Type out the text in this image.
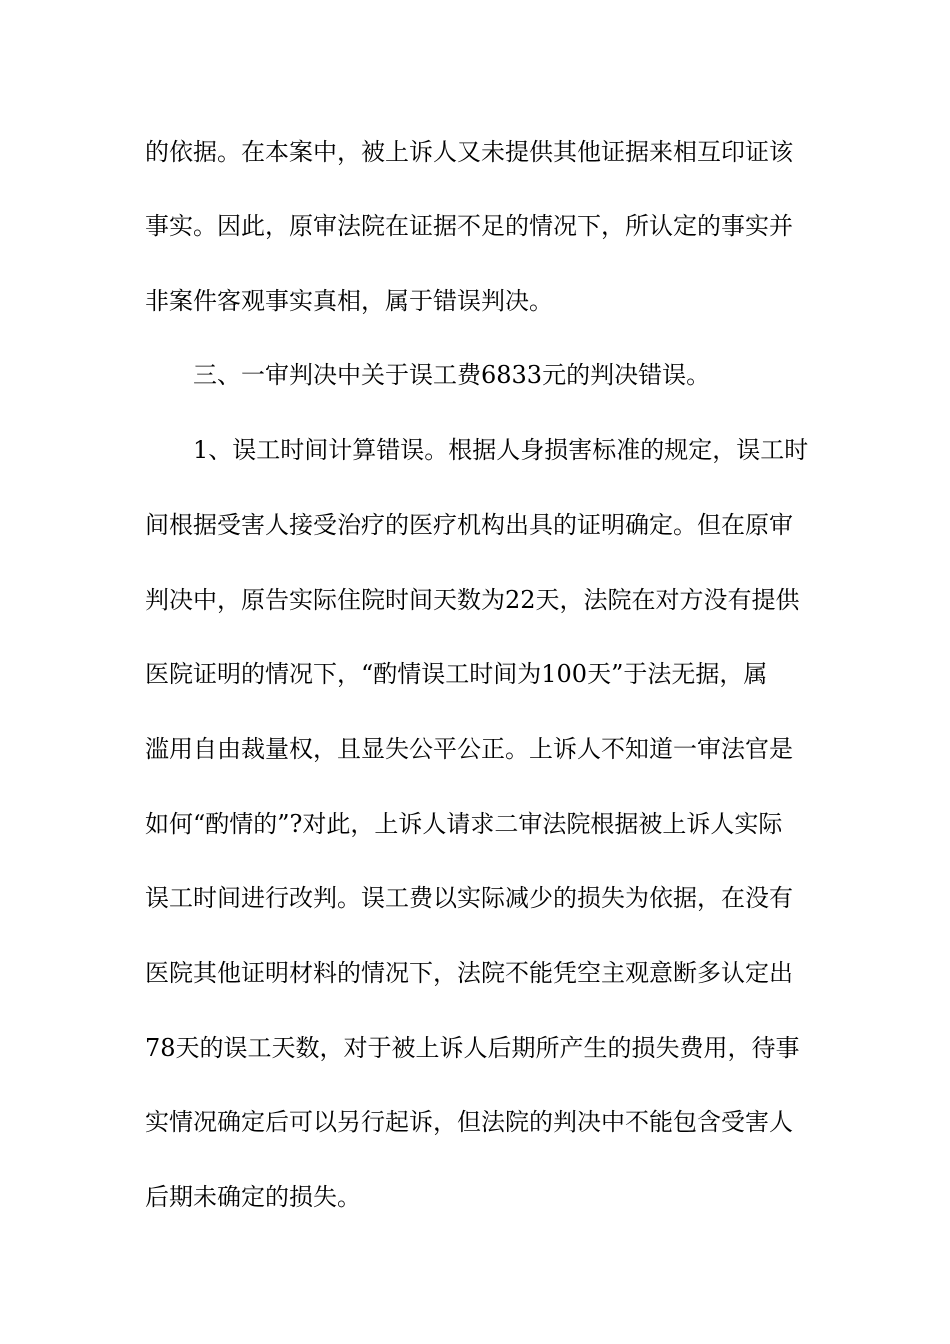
的依据。在本案中，被上诉人又未提供其他证据来相互印证该
事实。因此，原审法院在证据不足的情况下，所认定的事实并
非案件客观事实真相，属于错误判决。
三、一审判决中关于误工费6833元的判决错误。
1、误工时间计算错误。根据人身损害标准的规定，误工时
间根据受害人接受治疗的医疗机构出具的证明确定。但在原审
判决中，原告实际住院时间天数为22天，法院在对方没有提供
医院证明的情况下，“酌情误工时间为100天”于法无据，属
滥用自由裁量权，且显失公平公正。上诉人不知道一审法官是
如何“酌情的”?对此，上诉人请求二审法院根据被上诉人实际
误工时间进行改判。误工费以实际减少的损失为依据，在没有
医院其他证明材料的情况下，法院不能凭空主观意断多认定出
78天的误工天数，对于被上诉人后期所产生的损失费用，待事
实情况确定后可以另行起诉，但法院的判决中不能包含受害人
后期未确定的损失。
